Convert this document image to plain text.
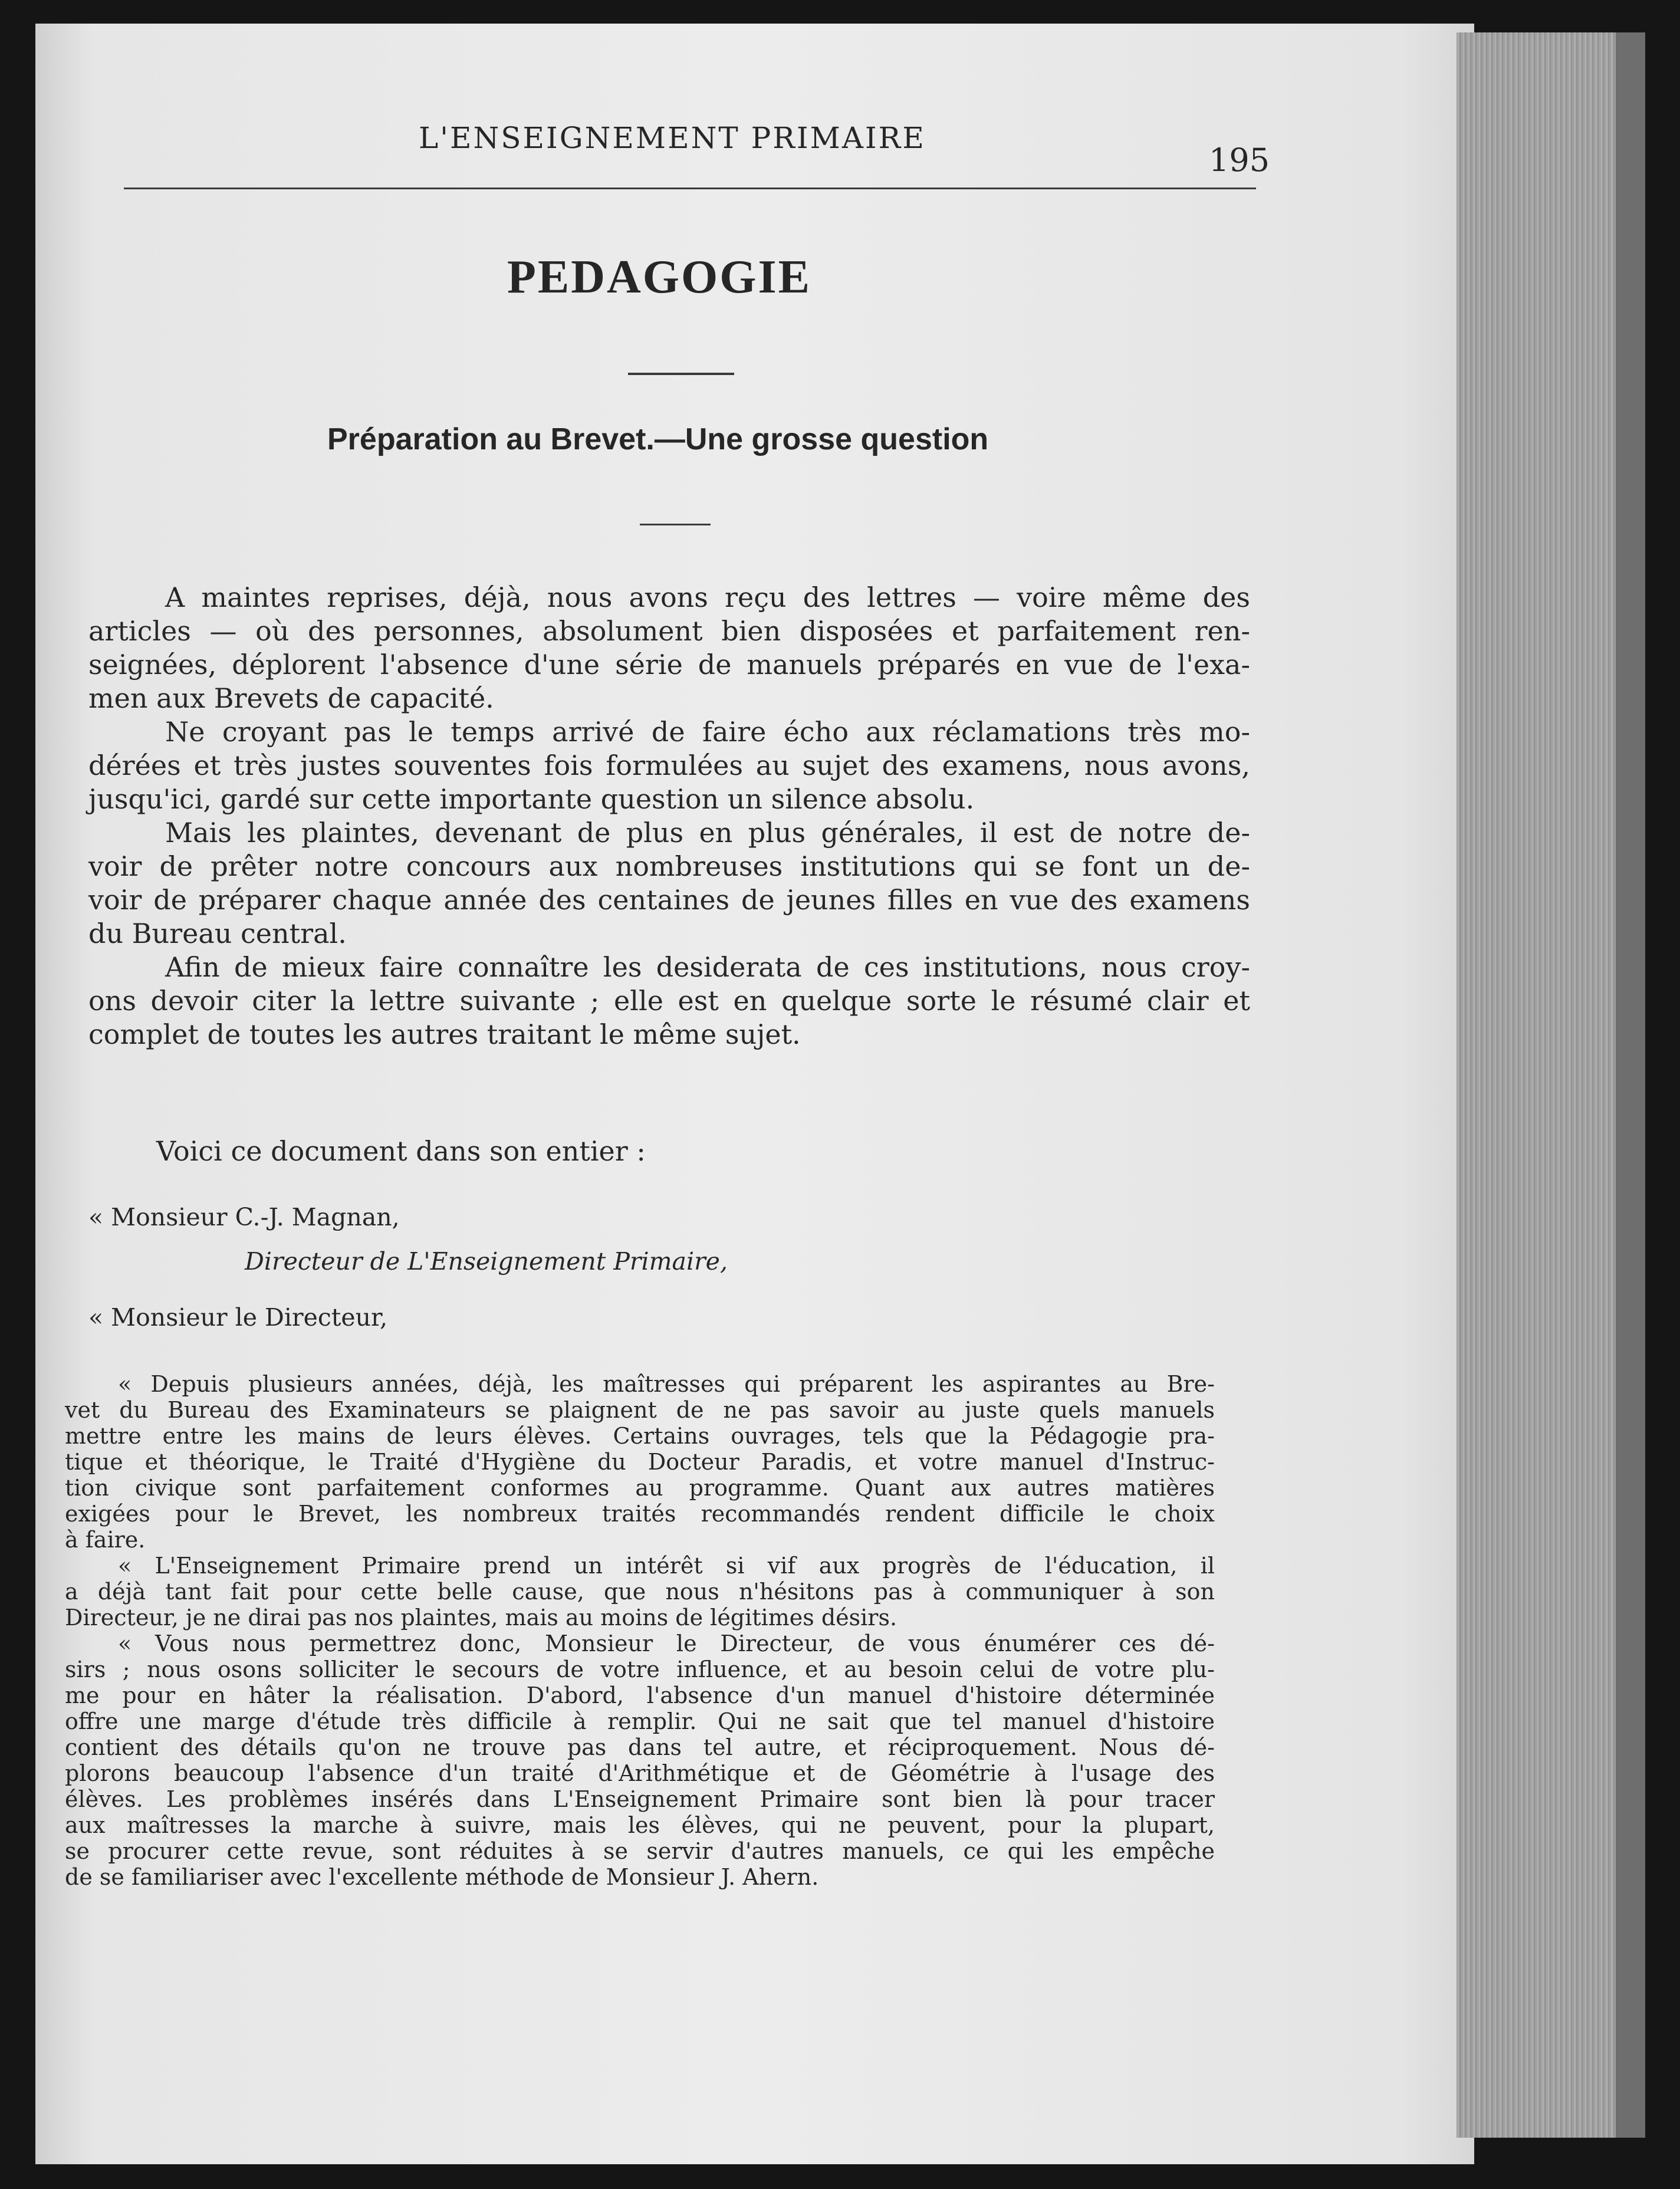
L'ENSEIGNEMENT PRIMAIRE
195
PEDAGOGIE
Préparation au Brevet.—Une grosse question
A maintes reprises, déjà, nous avons reçu des lettres — voire même des
articles — où des personnes, absolument bien disposées et parfaitement ren-
seignées, déplorent l'absence d'une série de manuels préparés en vue de l'exa-
men aux Brevets de capacité.
Ne croyant pas le temps arrivé de faire écho aux réclamations très mo-
dérées et très justes souventes fois formulées au sujet des examens, nous avons,
jusqu'ici, gardé sur cette importante question un silence absolu.
Mais les plaintes, devenant de plus en plus générales, il est de notre de-
voir de prêter notre concours aux nombreuses institutions qui se font un de-
voir de préparer chaque année des centaines de jeunes filles en vue des examens
du Bureau central.
Afin de mieux faire connaître les desiderata de ces institutions, nous croy-
ons devoir citer la lettre suivante ; elle est en quelque sorte le résumé clair et
complet de toutes les autres traitant le même sujet.
Voici ce document dans son entier :
« Monsieur C.-J. Magnan,
Directeur de L'Enseignement Primaire,
« Monsieur le Directeur,
« Depuis plusieurs années, déjà, les maîtresses qui préparent les aspirantes au Bre-
vet du Bureau des Examinateurs se plaignent de ne pas savoir au juste quels manuels
mettre entre les mains de leurs élèves. Certains ouvrages, tels que la Pédagogie pra-
tique et théorique, le Traité d'Hygiène du Docteur Paradis, et votre manuel d'Instruc-
tion civique sont parfaitement conformes au programme. Quant aux autres matières
exigées pour le Brevet, les nombreux traités recommandés rendent difficile le choix
à faire.
« L'Enseignement Primaire prend un intérêt si vif aux progrès de l'éducation, il
a déjà tant fait pour cette belle cause, que nous n'hésitons pas à communiquer à son
Directeur, je ne dirai pas nos plaintes, mais au moins de légitimes désirs.
« Vous nous permettrez donc, Monsieur le Directeur, de vous énumérer ces dé-
sirs ; nous osons solliciter le secours de votre influence, et au besoin celui de votre plu-
me pour en hâter la réalisation. D'abord, l'absence d'un manuel d'histoire déterminée
offre une marge d'étude très difficile à remplir. Qui ne sait que tel manuel d'histoire
contient des détails qu'on ne trouve pas dans tel autre, et réciproquement. Nous dé-
plorons beaucoup l'absence d'un traité d'Arithmétique et de Géométrie à l'usage des
élèves. Les problèmes insérés dans L'Enseignement Primaire sont bien là pour tracer
aux maîtresses la marche à suivre, mais les élèves, qui ne peuvent, pour la plupart,
se procurer cette revue, sont réduites à se servir d'autres manuels, ce qui les empêche
de se familiariser avec l'excellente méthode de Monsieur J. Ahern.
